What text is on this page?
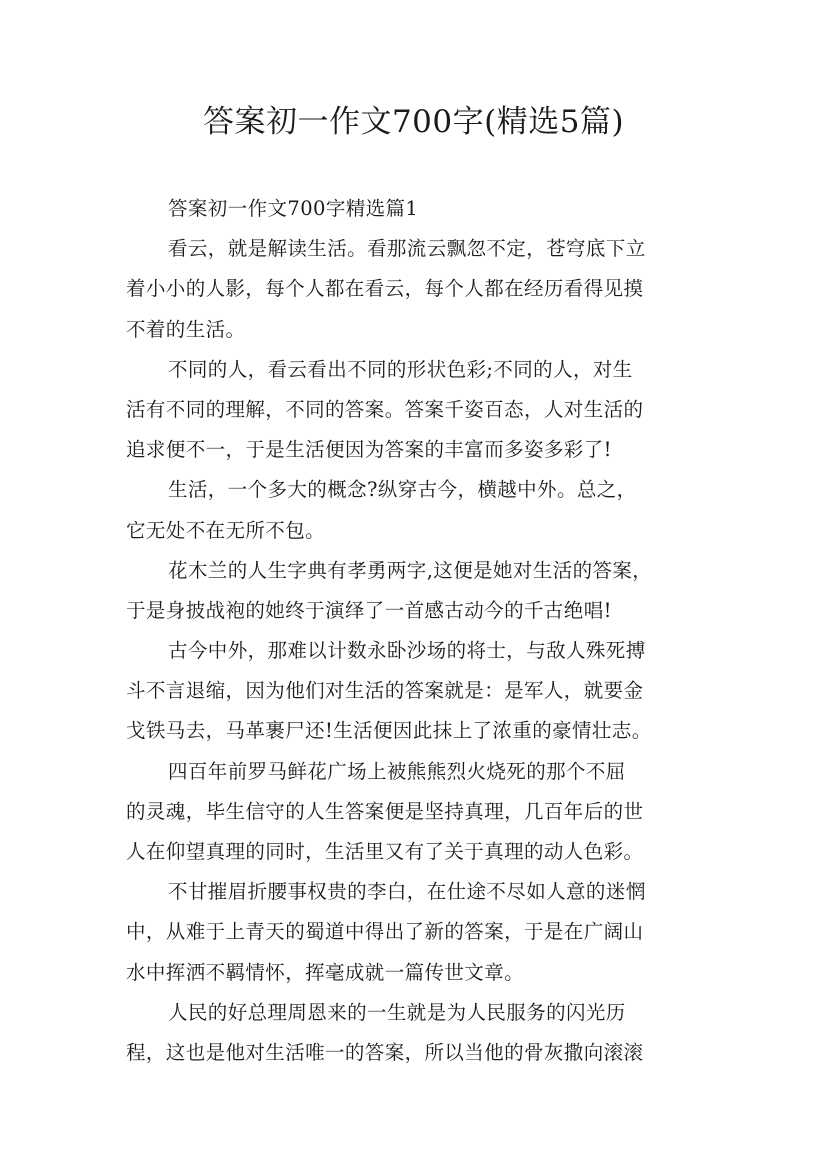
答案初一作文700字(精选5篇)
答案初一作文700字精选篇1
看云，就是解读生活。看那流云飘忽不定，苍穹底下立
着小小的人影，每个人都在看云，每个人都在经历看得见摸
不着的生活。
不同的人，看云看出不同的形状色彩;不同的人，对生
活有不同的理解，不同的答案。答案千姿百态，人对生活的
追求便不一，于是生活便因为答案的丰富而多姿多彩了!
生活，一个多大的概念?纵穿古今，横越中外。总之，
它无处不在无所不包。
花木兰的人生字典有孝勇两字,这便是她对生活的答案，
于是身披战袍的她终于演绎了一首感古动今的千古绝唱!
古今中外，那难以计数永卧沙场的将士，与敌人殊死搏
斗不言退缩，因为他们对生活的答案就是：是军人，就要金
戈铁马去，马革裹尸还!生活便因此抹上了浓重的豪情壮志。
四百年前罗马鲜花广场上被熊熊烈火烧死的那个不屈
的灵魂，毕生信守的人生答案便是坚持真理，几百年后的世
人在仰望真理的同时，生活里又有了关于真理的动人色彩。
不甘摧眉折腰事权贵的李白，在仕途不尽如人意的迷惘
中，从难于上青天的蜀道中得出了新的答案，于是在广阔山
水中挥洒不羁情怀，挥毫成就一篇传世文章。
人民的好总理周恩来的一生就是为人民服务的闪光历
程，这也是他对生活唯一的答案，所以当他的骨灰撒向滚滚
